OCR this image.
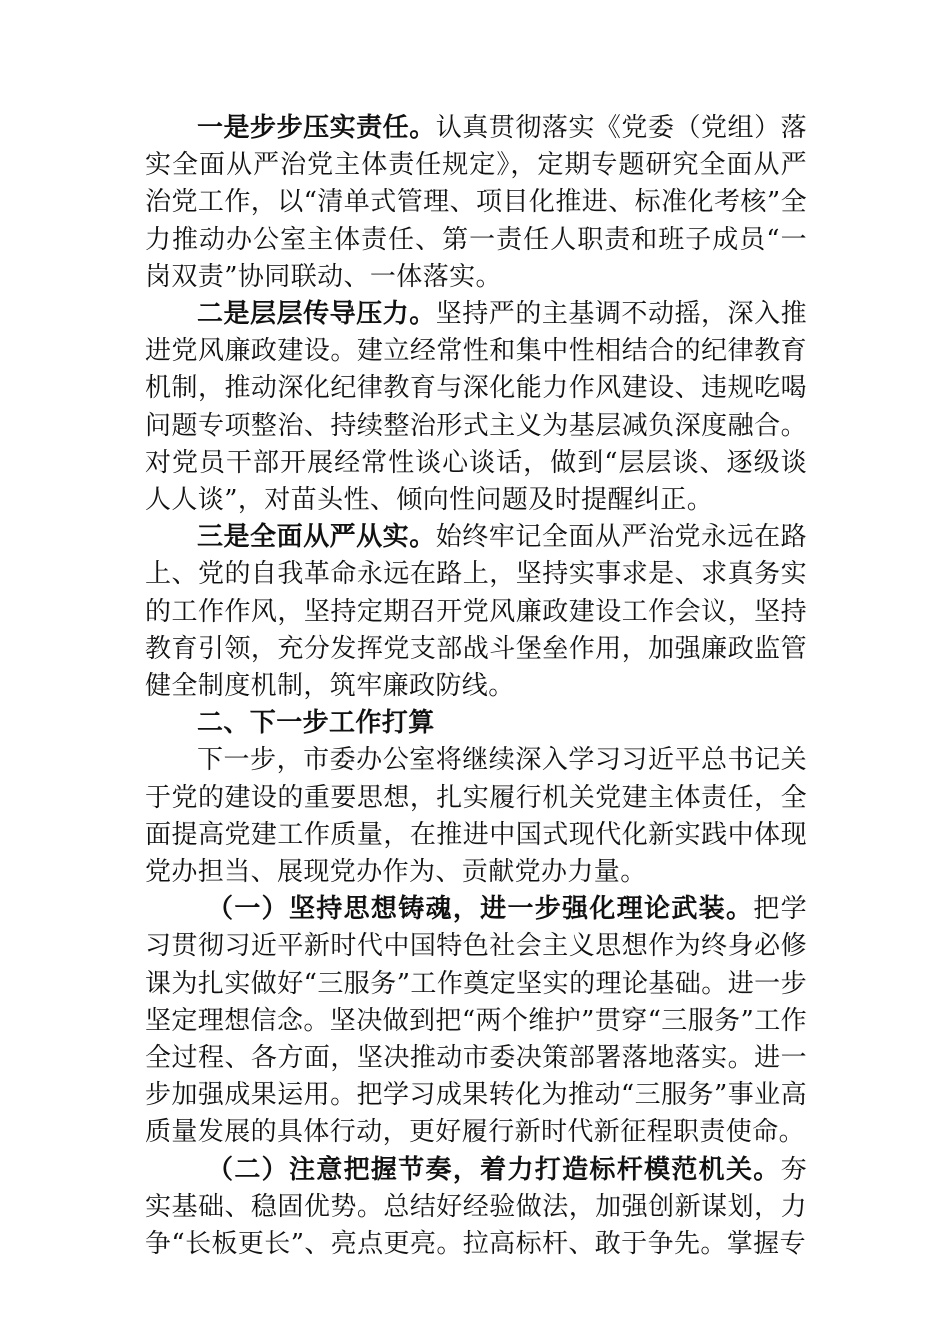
一是步步压实责任。认真贯彻落实《党委（党组）落实全面从严治党主体责任规定》，定期专题研究全面从严治党工作，以“清单式管理、项目化推进、标准化考核”全力推动办公室主体责任、第一责任人职责和班子成员“一岗双责”协同联动、一体落实。

二是层层传导压力。坚持严的主基调不动摇，深入推进党风廉政建设。建立经常性和集中性相结合的纪律教育机制，推动深化纪律教育与深化能力作风建设、违规吃喝问题专项整治、持续整治形式主义为基层减负深度融合。对党员干部开展经常性谈心谈话，做到“层层谈、逐级谈人人谈”，对苗头性、倾向性问题及时提醒纠正。

三是全面从严从实。始终牢记全面从严治党永远在路上、党的自我革命永远在路上，坚持实事求是、求真务实的工作作风，坚持定期召开党风廉政建设工作会议，坚持教育引领，充分发挥党支部战斗堡垒作用，加强廉政监管健全制度机制，筑牢廉政防线。

二、下一步工作打算

下一步，市委办公室将继续深入学习习近平总书记关于党的建设的重要思想，扎实履行机关党建主体责任，全面提高党建工作质量，在推进中国式现代化新实践中体现党办担当、展现党办作为、贡献党办力量。

（一）坚持思想铸魂，进一步强化理论武装。把学习贯彻习近平新时代中国特色社会主义思想作为终身必修课为扎实做好“三服务”工作奠定坚实的理论基础。进一步坚定理想信念。坚决做到把“两个维护”贯穿“三服务”工作全过程、各方面，坚决推动市委决策部署落地落实。进一步加强成果运用。把学习成果转化为推动“三服务”事业高质量发展的具体行动，更好履行新时代新征程职责使命。

（二）注意把握节奏，着力打造标杆模范机关。夯实基础、稳固优势。总结好经验做法，加强创新谋划，力争“长板更长”、亮点更亮。拉高标杆、敢于争先。掌握专
